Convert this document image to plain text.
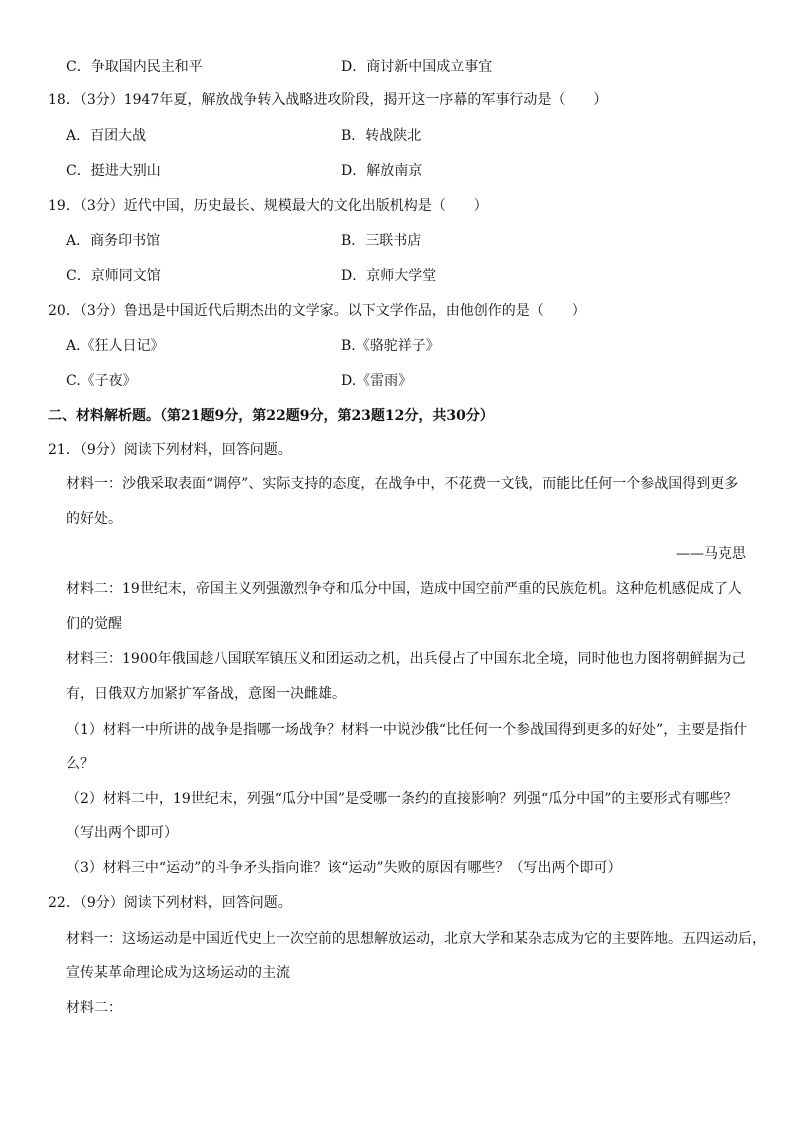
C．争取国内民主和平	D．商讨新中国成立事宜
18．（3分）1947年夏，解放战争转入战略进攻阶段，揭开这一序幕的军事行动是（　　）
A．百团大战	B．转战陕北
C．挺进大别山	D．解放南京
19．（3分）近代中国，历史最长、规模最大的文化出版机构是（　　）
A．商务印书馆	B．三联书店
C．京师同文馆	D．京师大学堂
20．（3分）鲁迅是中国近代后期杰出的文学家。以下文学作品，由他创作的是（　　）
A.《狂人日记》	B.《骆驼祥子》
C.《子夜》	D.《雷雨》
二、材料解析题。（第21题9分，第22题9分，第23题12分，共30分）
21．（9分）阅读下列材料，回答问题。
材料一：沙俄采取表面“调停”、实际支持的态度，在战争中，不花费一文钱，而能比任何一个参战国得到更多
的好处。
——马克思
材料二：19世纪末，帝国主义列强激烈争夺和瓜分中国，造成中国空前严重的民族危机。这种危机感促成了人
们的觉醒
材料三：1900年俄国趁八国联军镇压义和团运动之机，出兵侵占了中国东北全境，同时他也力图将朝鲜据为己
有，日俄双方加紧扩军备战，意图一决雌雄。
（1）材料一中所讲的战争是指哪一场战争？材料一中说沙俄“比任何一个参战国得到更多的好处”，主要是指什
么？
（2）材料二中，19世纪末，列强“瓜分中国”是受哪一条约的直接影响？列强“瓜分中国”的主要形式有哪些？
（写出两个即可）
（3）材料三中“运动”的斗争矛头指向谁？该“运动”失败的原因有哪些？（写出两个即可）
22．（9分）阅读下列材料，回答问题。
材料一：这场运动是中国近代史上一次空前的思想解放运动，北京大学和某杂志成为它的主要阵地。五四运动后，
宣传某革命理论成为这场运动的主流
材料二：
